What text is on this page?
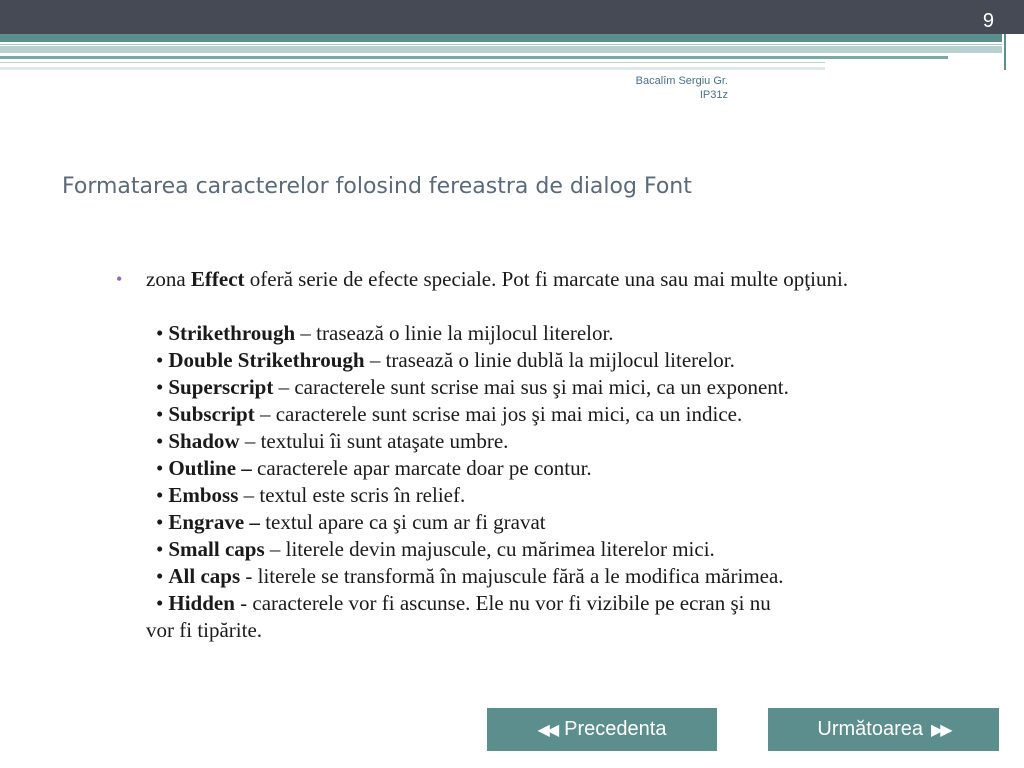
9
Bacalîm Sergiu Gr.
IP31z
Formatarea caracterelor folosind fereastra de dialog Font
• zona Effect oferă serie de efecte speciale. Pot fi marcate una sau mai multe opţiuni.
• Strikethrough – trasează o linie la mijlocul literelor.
• Double Strikethrough – trasează o linie dublă la mijlocul literelor.
• Superscript – caracterele sunt scrise mai sus şi mai mici, ca un exponent.
• Subscript – caracterele sunt scrise mai jos şi mai mici, ca un indice.
• Shadow – textului îi sunt ataşate umbre.
• Outline – caracterele apar marcate doar pe contur.
• Emboss – textul este scris în relief.
• Engrave – textul apare ca şi cum ar fi gravat
• Small caps – literele devin majuscule, cu mărimea literelor mici.
• All caps - literele se transformă în majuscule fără a le modifica mărimea.
• Hidden - caracterele vor fi ascunse. Ele nu vor fi vizibile pe ecran şi nu
vor fi tipărite.
◀◀ Precedenta	Următoarea ▶▶
